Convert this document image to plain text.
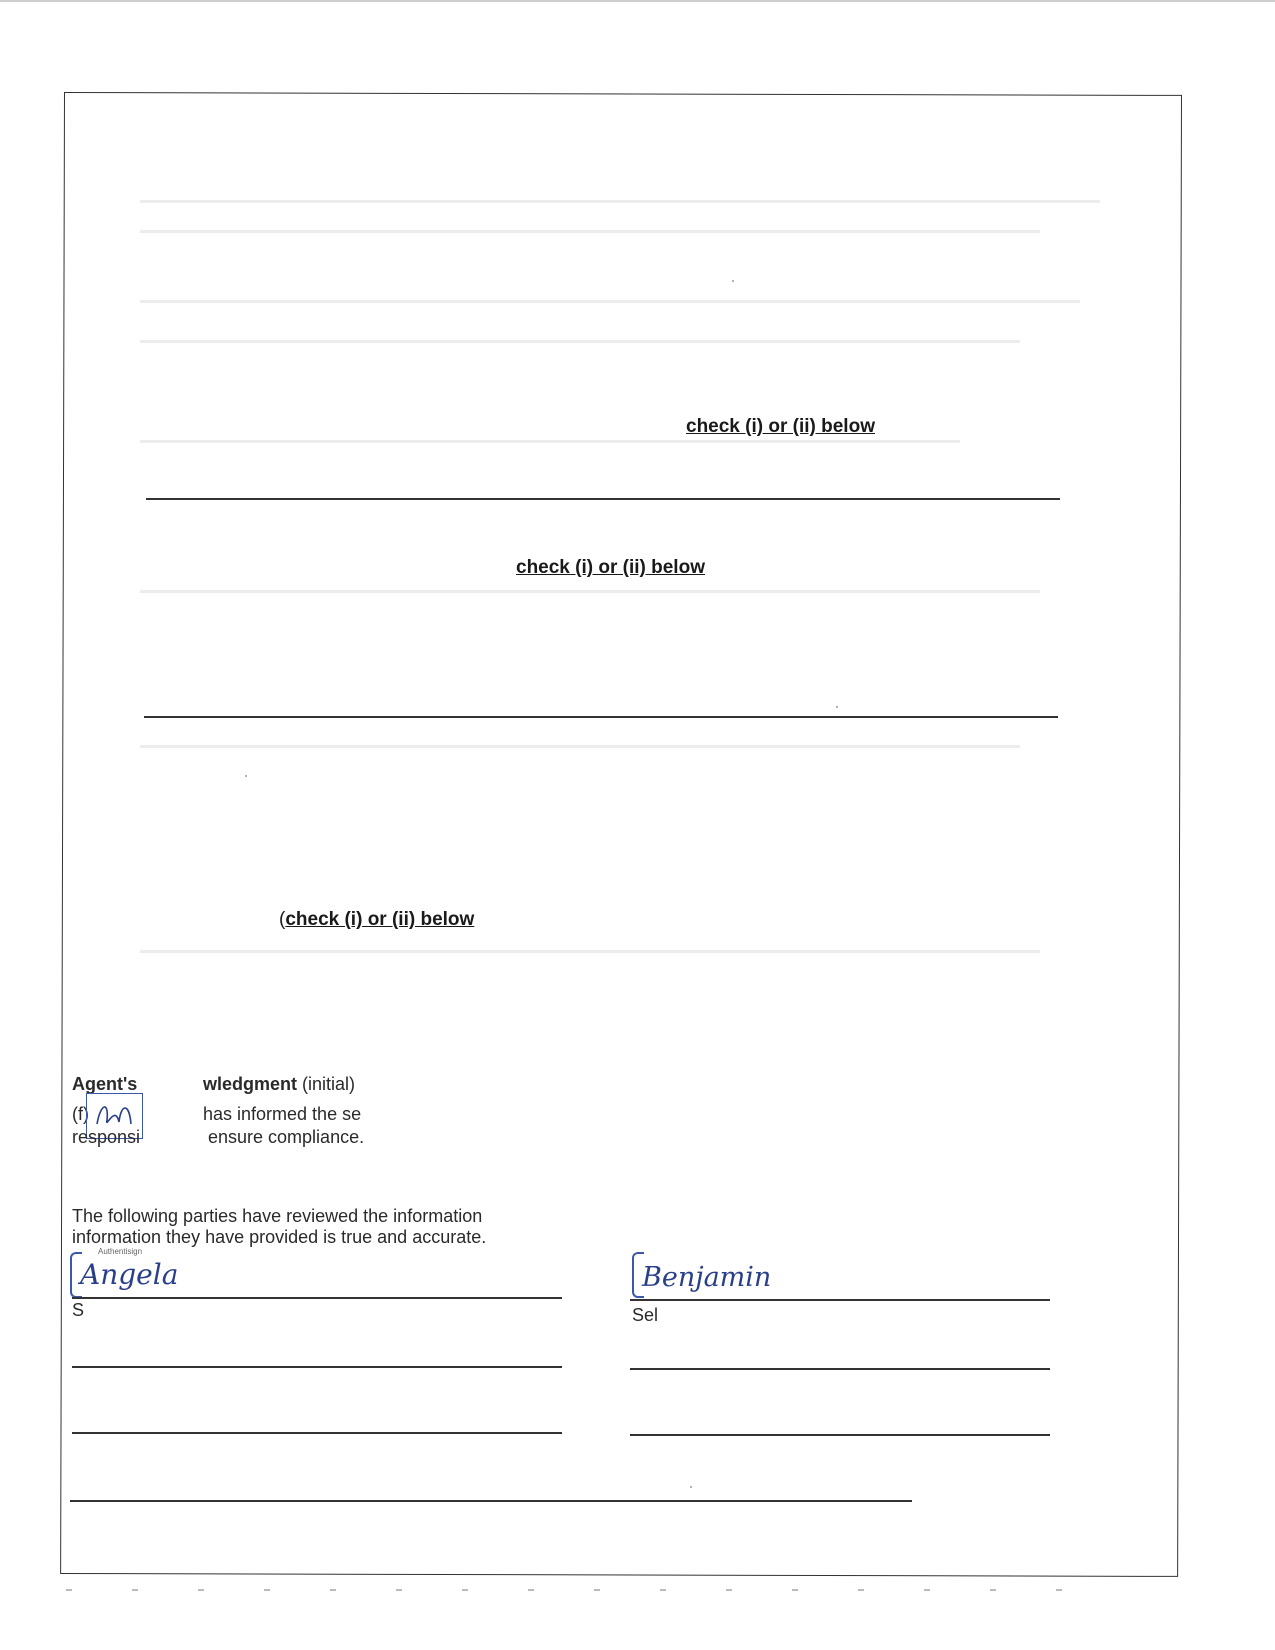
check (i) or (ii) below
check (i) or (ii) below
(check (i) or (ii) below
Agent's	wledgment (initial)
(f)	has informed the se
responsi	ensure compliance.
The following parties have reviewed the information
information they have provided is true and accurate.
Authentisign
Angela
S
Benjamin
Sel
